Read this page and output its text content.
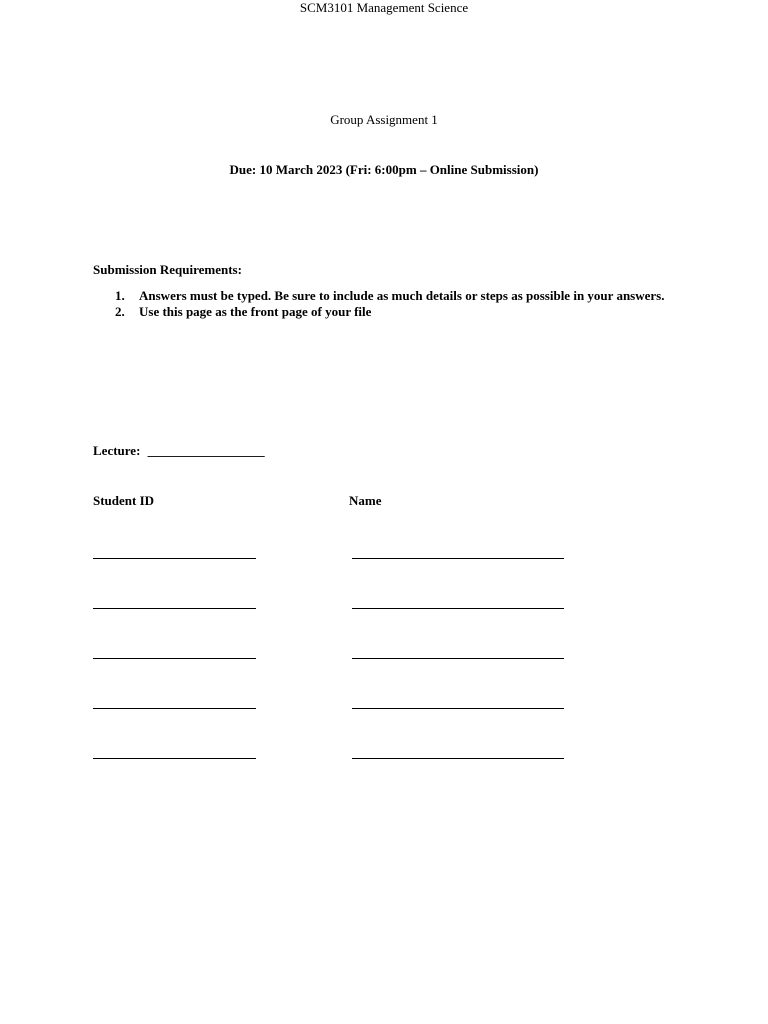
SCM3101 Management Science
Group Assignment 1
Due: 10 March 2023 (Fri: 6:00pm – Online Submission)
Submission Requirements:
1. Answers must be typed. Be sure to include as much details or steps as possible in your answers.
2. Use this page as the front page of your file
Lecture: __________________
Student ID	Name
